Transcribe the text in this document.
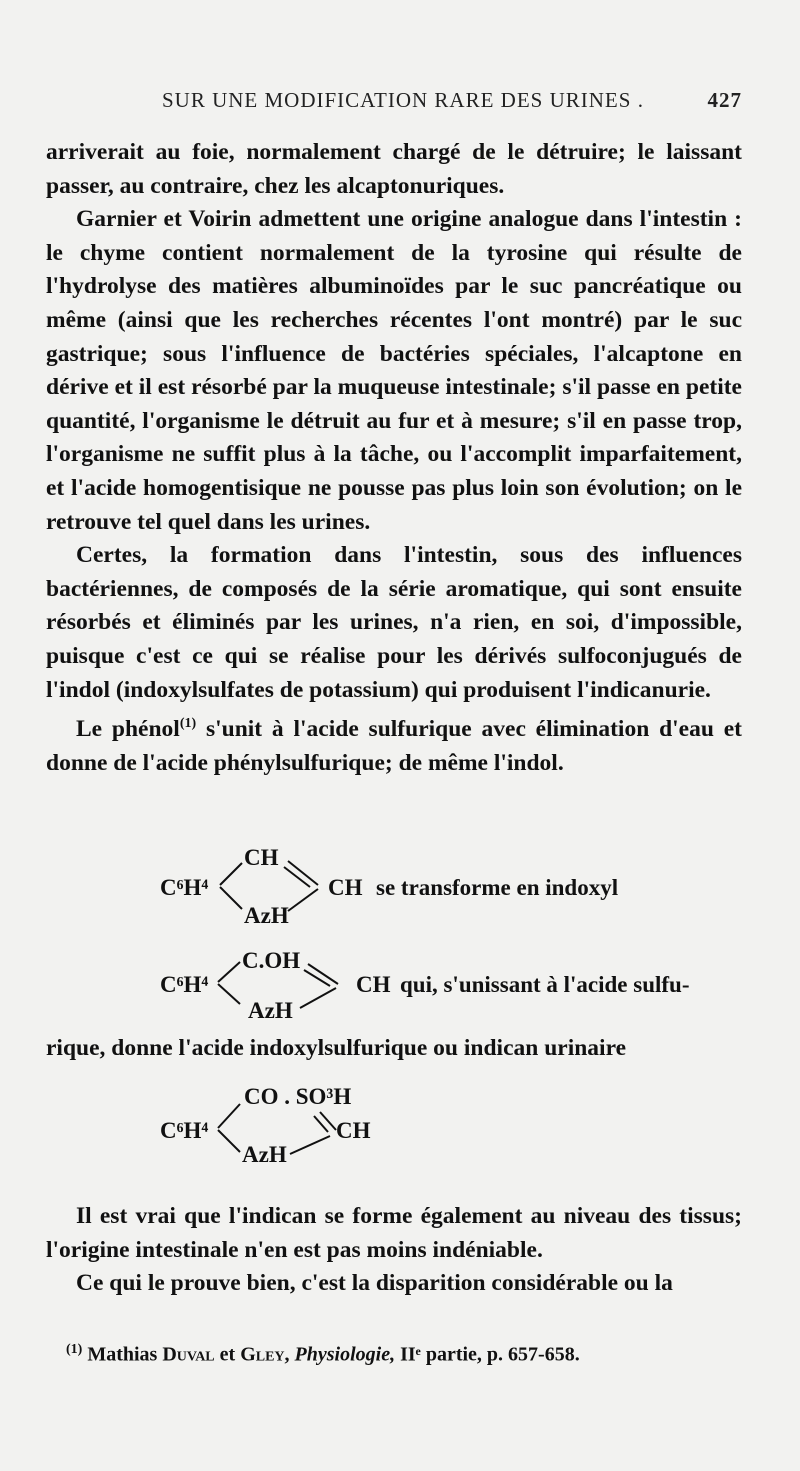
SUR UNE MODIFICATION RARE DES URINES .	427

arriverait au foie, normalement chargé de le détruire; le laissant passer, au contraire, chez les alcaptonuriques.

Garnier et Voirin admettent une origine analogue dans l'intestin : le chyme contient normalement de la tyrosine qui résulte de l'hydrolyse des matières albuminoïdes par le suc pancréatique ou même (ainsi que les recherches récentes l'ont montré) par le suc gastrique; sous l'influence de bactéries spéciales, l'alcaptone en dérive et il est résorbé par la muqueuse intestinale; s'il passe en petite quantité, l'organisme le détruit au fur et à mesure; s'il en passe trop, l'organisme ne suffit plus à la tâche, ou l'accomplit imparfaitement, et l'acide homogentisique ne pousse pas plus loin son évolution; on le retrouve tel quel dans les urines.

Certes, la formation dans l'intestin, sous des influences bactériennes, de composés de la série aromatique, qui sont ensuite résorbés et éliminés par les urines, n'a rien, en soi, d'impossible, puisque c'est ce qui se réalise pour les dérivés sulfoconjugués de l'indol (indoxylsulfates de potassium) qui produisent l'indicanurie.

Le phénol$^{(1)}$ s'unit à l'acide sulfurique avec élimination d'eau et donne de l'acide phénylsulfurique; de même l'indol.

C⁶H⁴
CH
AzH
CH se transforme en indoxyl
C⁶H⁴
C.OH
AzH
CH qui, s'unissant à l'acide sulfu-
rique, donne l'acide indoxylsulfurique ou indican urinaire
C⁶H⁴
CO . SO³H
AzH
CH

Il est vrai que l'indican se forme également au niveau des tissus; l'origine intestinale n'en est pas moins indéniable.

Ce qui le prouve bien, c'est la disparition considérable ou la

$^{(1)}$ Mathias Duval et Gley, Physiologie, IIᵉ partie, p. 657-658.
